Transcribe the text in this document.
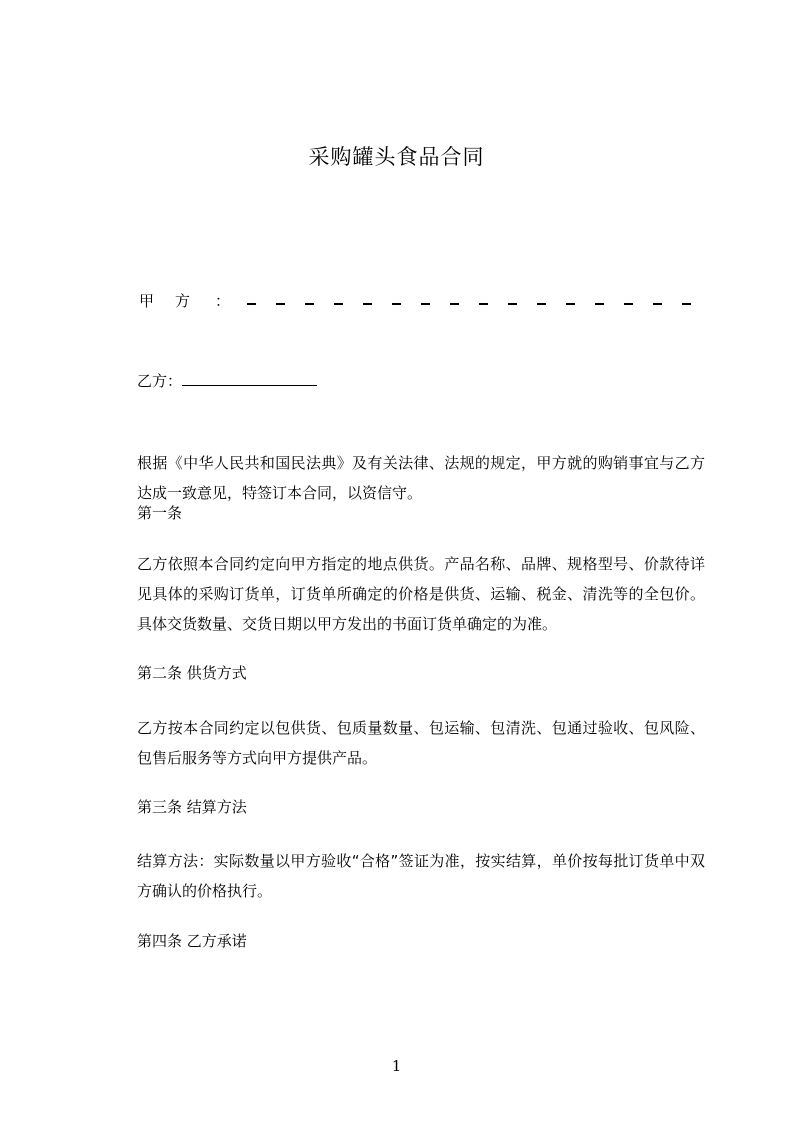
采购罐头食品合同
甲 方 ：
乙方：
根据《中华人民共和国民法典》及有关法律、法规的规定，甲方就的购销事宜与乙方达成一致意见，特签订本合同，以资信守。
第一条
乙方依照本合同约定向甲方指定的地点供货。产品名称、品牌、规格型号、价款待详见具体的采购订货单，订货单所确定的价格是供货、运输、税金、清洗等的全包价。具体交货数量、交货日期以甲方发出的书面订货单确定的为准。
第二条 供货方式
乙方按本合同约定以包供货、包质量数量、包运输、包清洗、包通过验收、包风险、包售后服务等方式向甲方提供产品。
第三条 结算方法
结算方法：实际数量以甲方验收“合格”签证为准，按实结算，单价按每批订货单中双方确认的价格执行。
第四条 乙方承诺
1
